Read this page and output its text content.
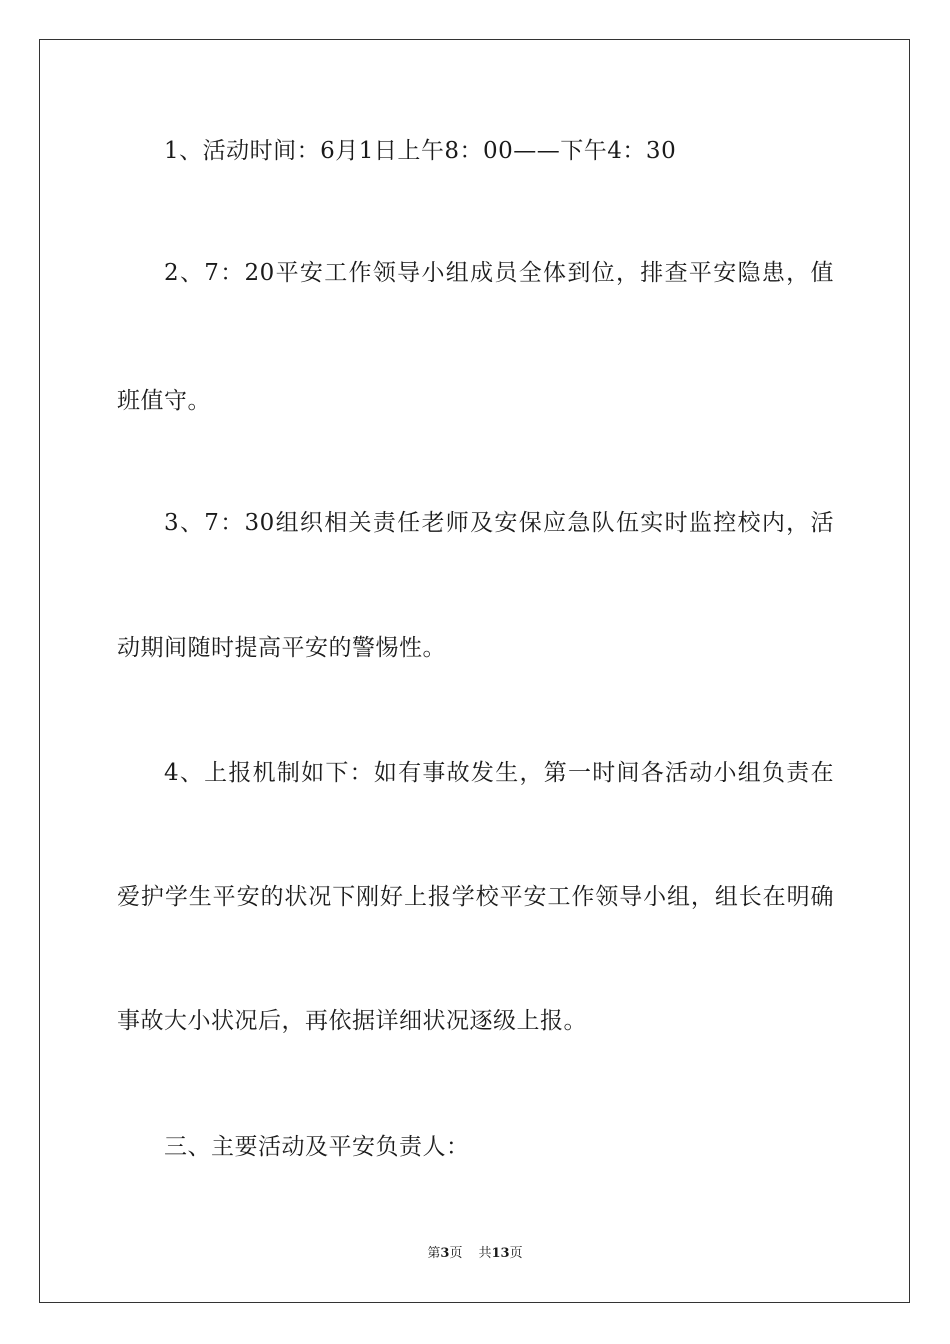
1、活动时间：6月1日上午8：00——下午4：30
2、7：20平安工作领导小组成员全体到位，排查平安隐患，值
班值守。
3、7：30组织相关责任老师及安保应急队伍实时监控校内，活
动期间随时提高平安的警惕性。
4、上报机制如下：如有事故发生，第一时间各活动小组负责在
爱护学生平安的状况下刚好上报学校平安工作领导小组，组长在明确
事故大小状况后，再依据详细状况逐级上报。
三、主要活动及平安负责人：
第3页 共13页
